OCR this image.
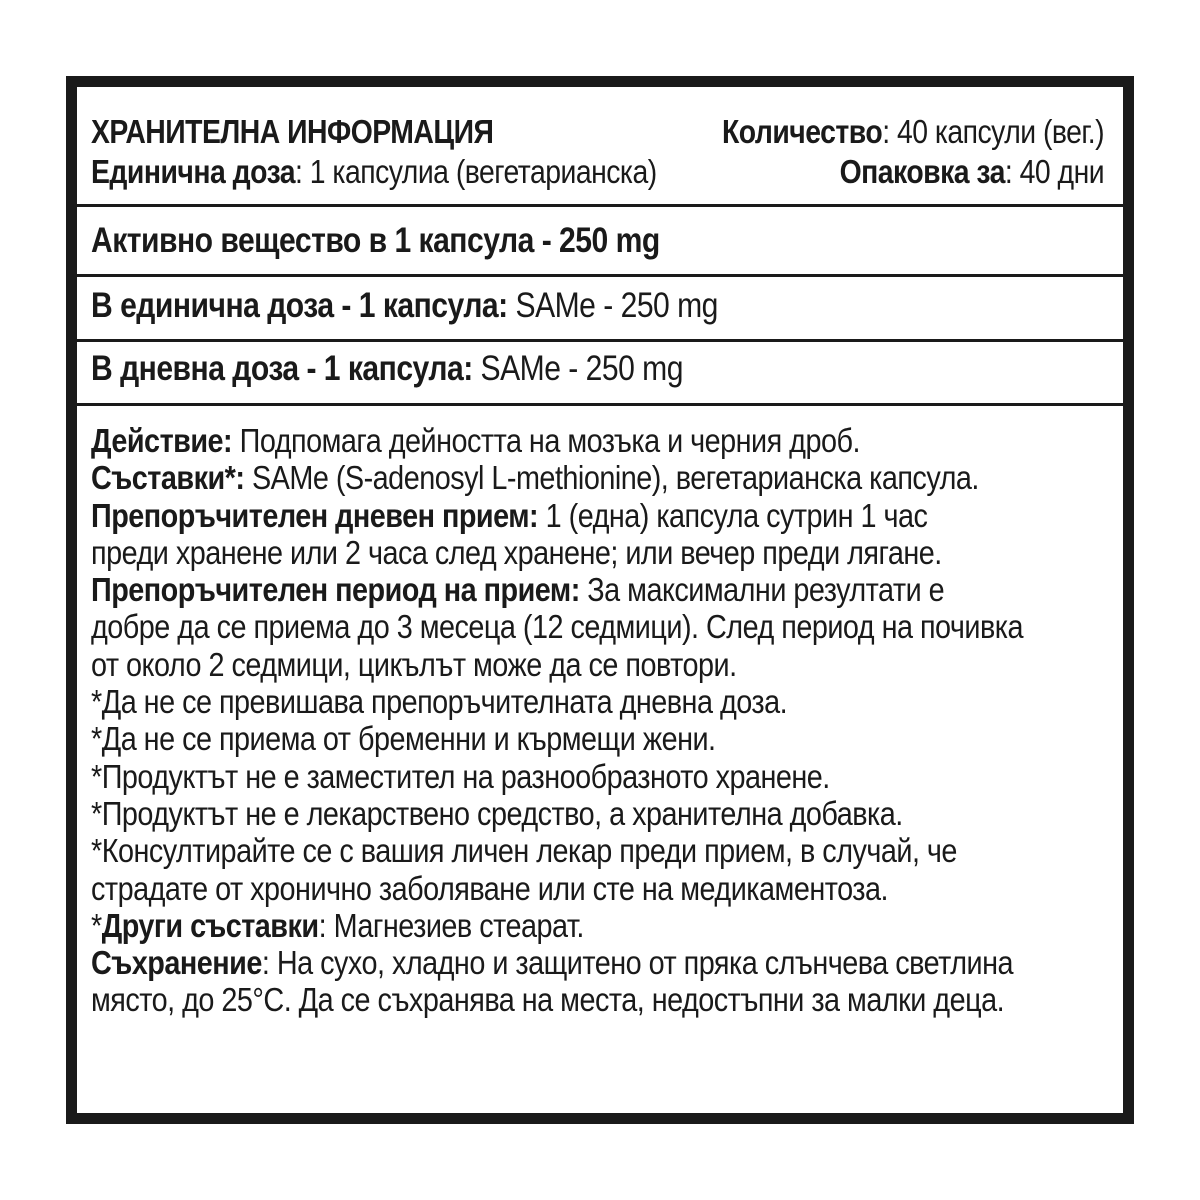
ХРАНИТЕЛНА ИНФОРМАЦИЯ	Количество: 40 капсули (вег.)
Единична доза: 1 капсулиа (вегетарианска)	Опаковка за: 40 дни
Активно вещество в 1 капсула - 250 mg
В единична доза - 1 капсула: SAMe - 250 mg
В дневна доза - 1 капсула: SAMe - 250 mg

Действие: Подпомага дейността на мозъка и черния дроб.

Съставки*: SAMe (S-adenosyl L-methionine), вегетарианска капсула.

Препоръчителен дневен прием: 1 (една) капсула сутрин 1 час

преди хранене или 2 часа след хранене; или вечер преди лягане.

Препоръчителен период на прием: За максимални резултати е

добре да се приема до 3 месеца (12 седмици). След период на почивка

от около 2 седмици, цикълът може да се повтори.

*Да не се превишава препоръчителната дневна доза.

*Да не се приема от бременни и кърмещи жени.

*Продуктът не е заместител на разнообразното хранене.

*Продуктът не е лекарствено средство, а хранителна добавка.

*Консултирайте се с вашия личен лекар преди прием, в случай, че

страдате от хронично заболяване или сте на медикаментоза.

*Други съставки: Магнезиев стеарат.

Съхранение: На сухо, хладно и защитено от пряка слънчева светлина

място, до 25°С. Да се съхранява на места, недостъпни за малки деца.
